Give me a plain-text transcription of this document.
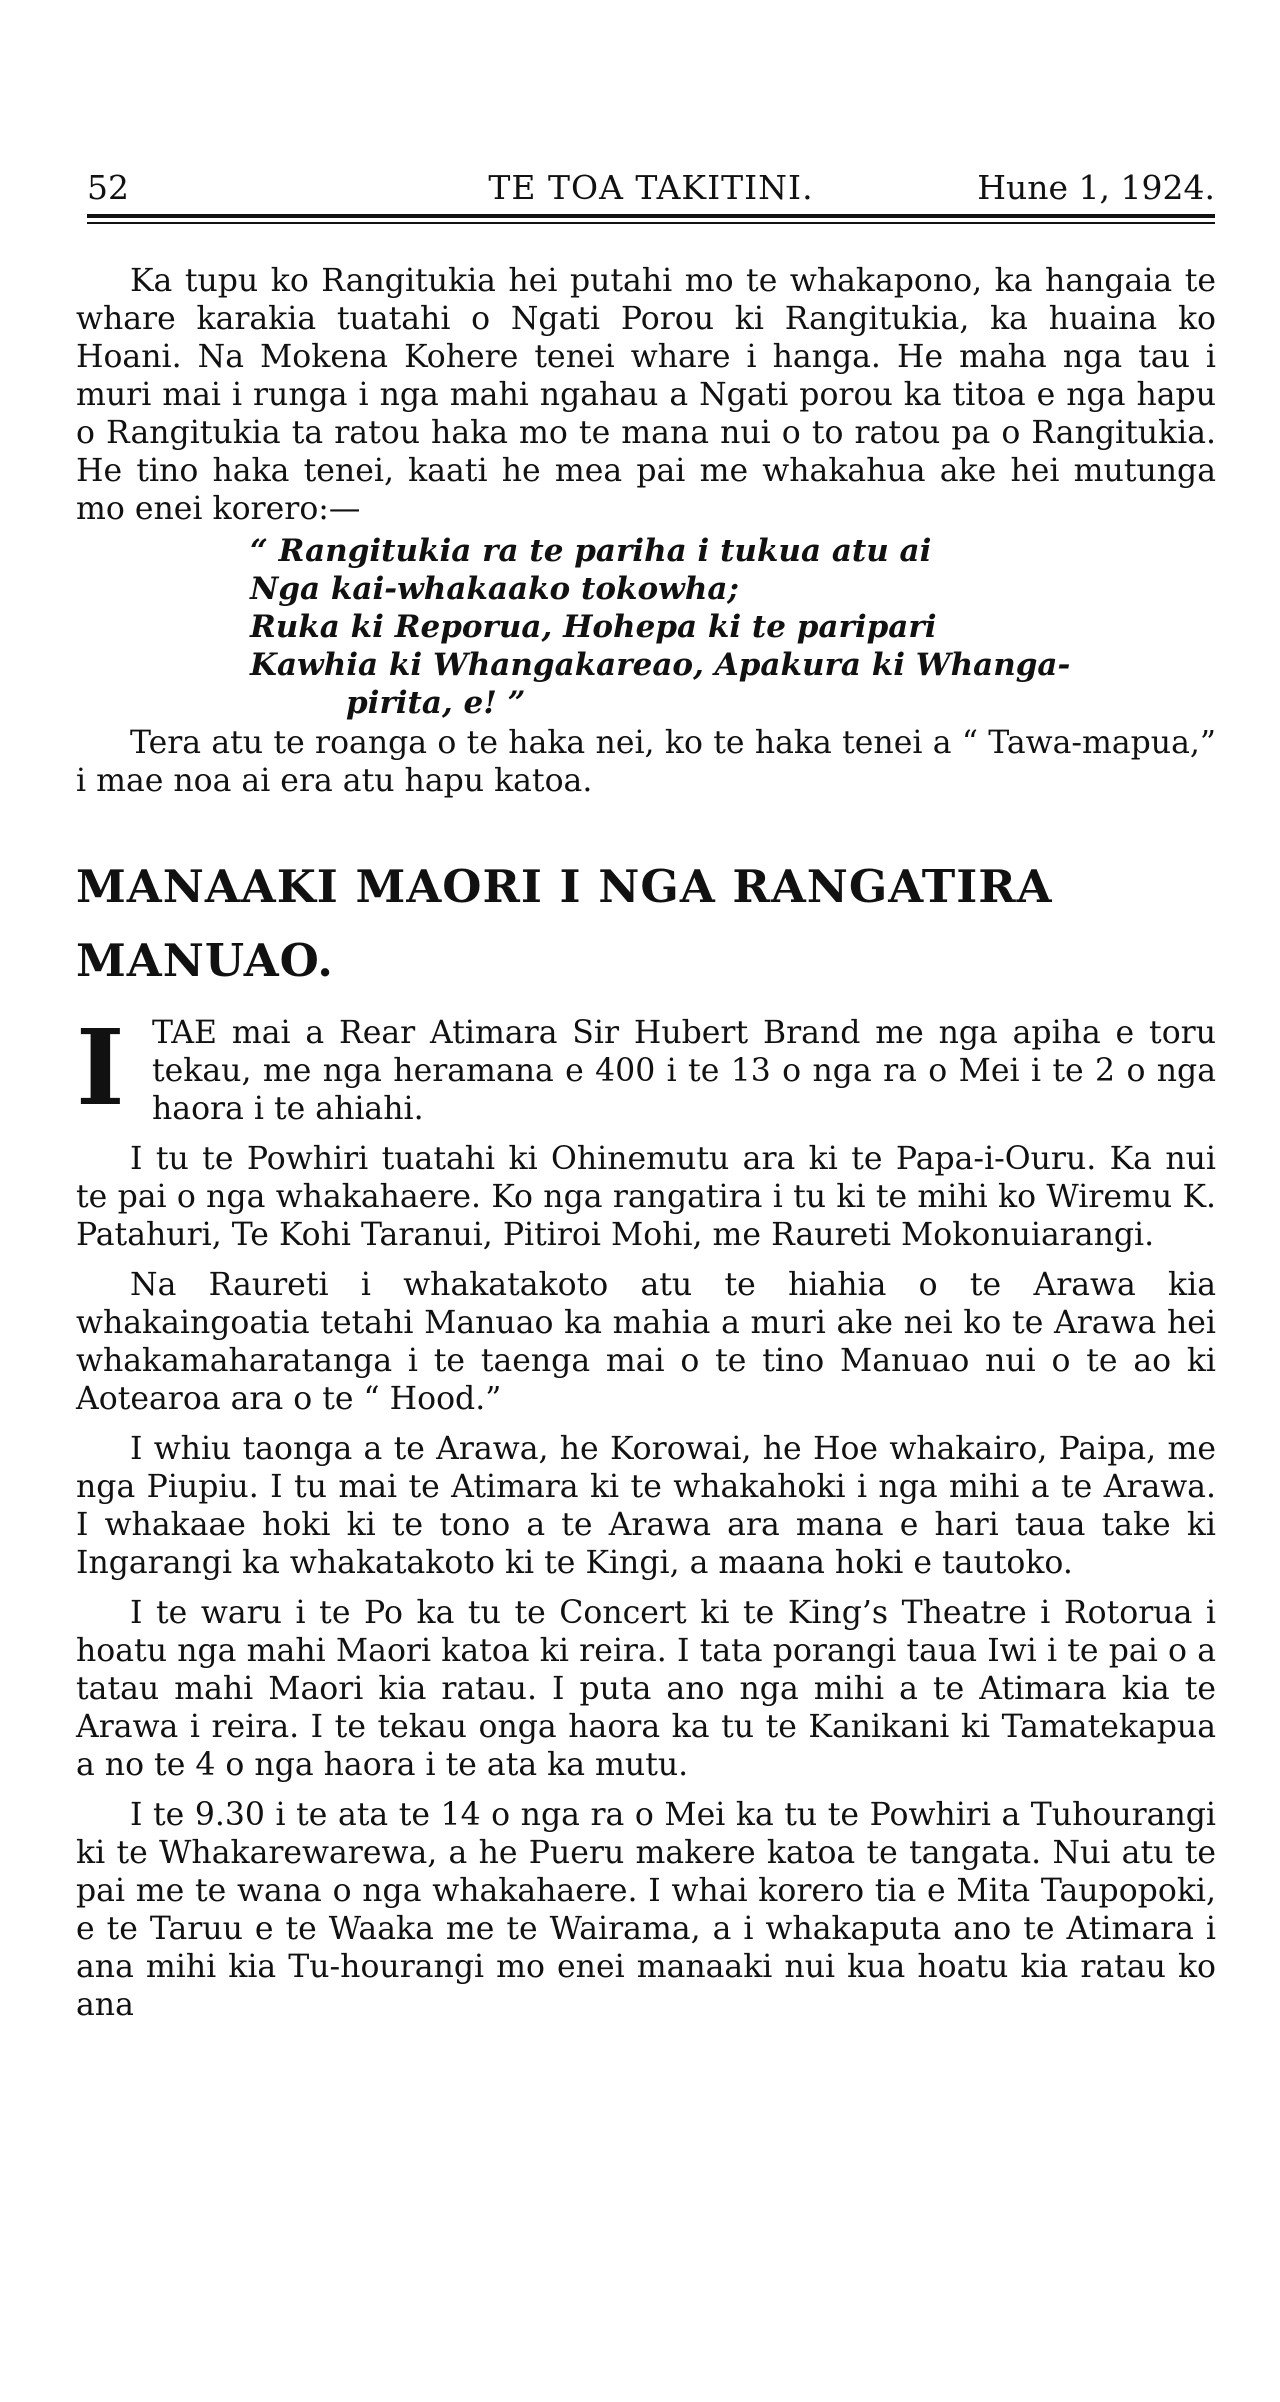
52	TE TOA TAKITINI.	Hune 1, 1924.

Ka tupu ko Rangitukia hei putahi mo te whakapono, ka hangaia te whare karakia tuatahi o Ngati Porou ki Rangitukia, ka huaina ko Hoani. Na Mokena Kohere tenei whare i hanga. He maha nga tau i muri mai i runga i nga mahi ngahau a Ngati porou ka titoa e nga hapu o Rangitukia ta ratou haka mo te mana nui o to ratou pa o Rangitukia. He tino haka tenei, kaati he mea pai me whakahua ake hei mutunga mo enei korero:—

“ Rangitukia ra te pariha i tukua atu ai
Nga kai-whakaako tokowha;
Ruka ki Reporua, Hohepa ki te paripari
Kawhia ki Whangakareao, Apakura ki Whanga-
pirita, e! ”

Tera atu te roanga o te haka nei, ko te haka tenei a “ Tawa-mapua,” i mae noa ai era atu hapu katoa.

MANAAKI MAORI I NGA RANGATIRA
MANUAO.

I TAE mai a Rear Atimara Sir Hubert Brand me nga apiha e toru tekau, me nga heramana e 400 i te 13 o nga ra o Mei i te 2 o nga haora i te ahiahi.

I tu te Powhiri tuatahi ki Ohinemutu ara ki te Papa-i-Ouru. Ka nui te pai o nga whakahaere. Ko nga rangatira i tu ki te mihi ko Wiremu K. Patahuri, Te Kohi Taranui, Pitiroi Mohi, me Raureti Mokonuiarangi.

Na Raureti i whakatakoto atu te hiahia o te Arawa kia whakaingoatia tetahi Manuao ka mahia a muri ake nei ko te Arawa hei whakamaharatanga i te taenga mai o te tino Manuao nui o te ao ki Aotearoa ara o te “ Hood.”

I whiu taonga a te Arawa, he Korowai, he Hoe whakairo, Paipa, me nga Piupiu. I tu mai te Atimara ki te whakahoki i nga mihi a te Arawa. I whakaae hoki ki te tono a te Arawa ara mana e hari taua take ki Ingarangi ka whakatakoto ki te Kingi, a maana hoki e tautoko.

I te waru i te Po ka tu te Concert ki te King’s Theatre i Rotorua i hoatu nga mahi Maori katoa ki reira. I tata porangi taua Iwi i te pai o a tatau mahi Maori kia ratau. I puta ano nga mihi a te Atimara kia te Arawa i reira. I te tekau onga haora ka tu te Kanikani ki Tamatekapua a no te 4 o nga haora i te ata ka mutu.

I te 9.30 i te ata te 14 o nga ra o Mei ka tu te Powhiri a Tuhourangi ki te Whakarewarewa, a he Pueru makere katoa te tangata. Nui atu te pai me te wana o nga whakahaere. I whai korero tia e Mita Taupopoki, e te Taruu e te Waaka me te Wairama, a i whakaputa ano te Atimara i ana mihi kia Tu-hourangi mo enei manaaki nui kua hoatu kia ratau ko ana
